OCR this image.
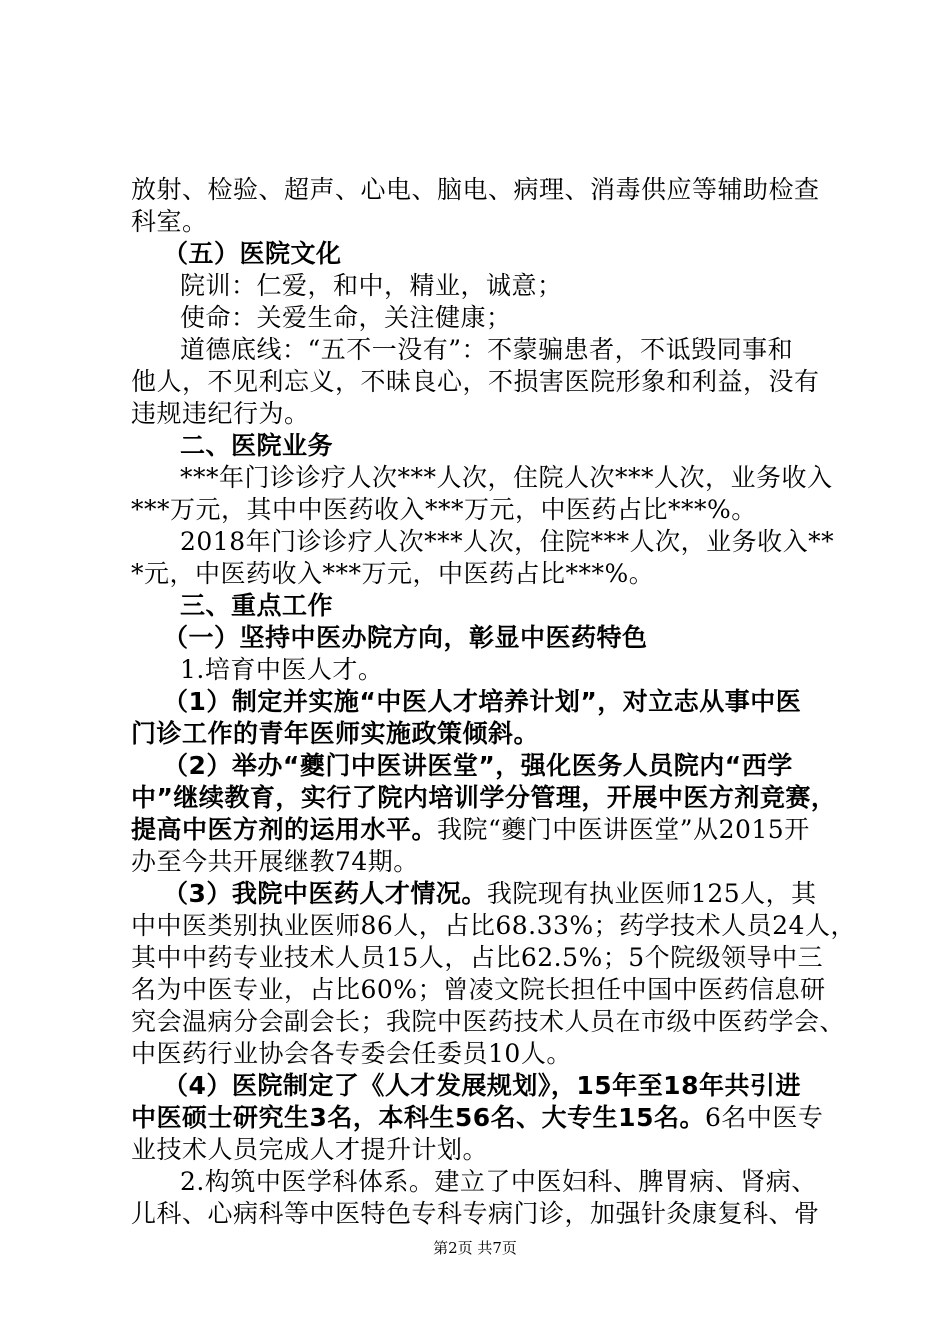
放射、检验、超声、心电、脑电、病理、消毒供应等辅助检查
科室。
（五）医院文化
院训：仁爱，和中，精业，诚意；
使命：关爱生命，关注健康；
道德底线：“五不一没有”：不蒙骗患者，不诋毁同事和
他人，不见利忘义，不昧良心，不损害医院形象和利益，没有
违规违纪行为。
二、医院业务
***年门诊诊疗人次***人次，住院人次***人次，业务收入
***万元，其中中医药收入***万元，中医药占比***%。
2018年门诊诊疗人次***人次，住院***人次，业务收入**
*元，中医药收入***万元，中医药占比***%。
三、重点工作
（一）坚持中医办院方向，彰显中医药特色
1.培育中医人才。
（1）制定并实施“中医人才培养计划”，对立志从事中医
门诊工作的青年医师实施政策倾斜。
（2）举办“夔门中医讲医堂”，强化医务人员院内“西学
中”继续教育，实行了院内培训学分管理，开展中医方剂竞赛，
提高中医方剂的运用水平。我院“夔门中医讲医堂”从2015开
办至今共开展继教74期。
（3）我院中医药人才情况。我院现有执业医师125人，其
中中医类别执业医师86人，占比68.33%；药学技术人员24人，
其中中药专业技术人员15人，占比62.5%；5个院级领导中三
名为中医专业，占比60%；曾凌文院长担任中国中医药信息研
究会温病分会副会长；我院中医药技术人员在市级中医药学会、
中医药行业协会各专委会任委员10人。
（4）医院制定了《人才发展规划》，15年至18年共引进
中医硕士研究生3名，本科生56名、大专生15名。6名中医专
业技术人员完成人才提升计划。
2.构筑中医学科体系。建立了中医妇科、脾胃病、肾病、
儿科、心病科等中医特色专科专病门诊，加强针灸康复科、骨
第2页 共7页
